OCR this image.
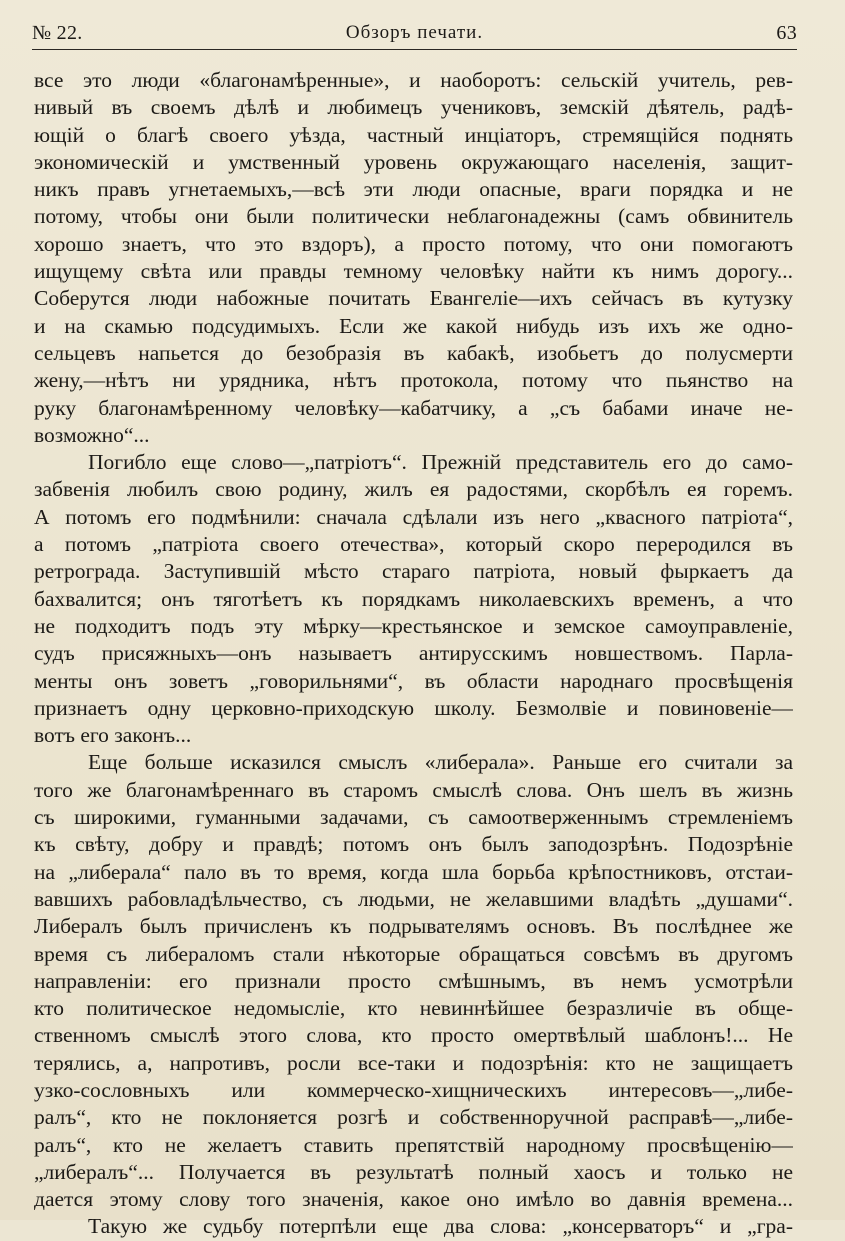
№ 22.	Обзоръ печати.	63
все это люди «благонамѣренные», и наоборотъ: сельскій учитель, рев-
нивый въ своемъ дѣлѣ и любимецъ учениковъ, земскій дѣятель, радѣ-
ющій о благѣ своего уѣзда, частный инціаторъ, стремящійся поднять
экономическій и умственный уровень окружающаго населенія, защит-
никъ правъ угнетаемыхъ,—всѣ эти люди опасные, враги порядка и не
потому, чтобы они были политически неблагонадежны (самъ обвинитель
хорошо знаетъ, что это вздоръ), а просто потому, что они помогаютъ
ищущему свѣта или правды темному человѣку найти къ нимъ дорогу...
Соберутся люди набожные почитать Евангеліе—ихъ сейчасъ въ кутузку
и на скамью подсудимыхъ. Если же какой нибудь изъ ихъ же одно-
сельцевъ напьется до безобразія въ кабакѣ, изобьетъ до полусмерти
жену,—нѣтъ ни урядника, нѣтъ протокола, потому что пьянство на
руку благонамѣренному человѣку—кабатчику, а „съ бабами иначе не-
возможно“...
Погибло еще слово—„патріотъ“. Прежній представитель его до само-
забвенія любилъ свою родину, жилъ ея радостями, скорбѣлъ ея горемъ.
А потомъ его подмѣнили: сначала сдѣлали изъ него „квасного патріота“,
а потомъ „патріота своего отечества», который скоро переродился въ
ретрограда. Заступившій мѣсто стараго патріота, новый фыркаетъ да
бахвалится; онъ тяготѣетъ къ порядкамъ николаевскихъ временъ, а что
не подходитъ подъ эту мѣрку—крестьянское и земское самоуправленіе,
судъ присяжныхъ—онъ называетъ антирусскимъ новшествомъ. Парла-
менты онъ зоветъ „говорильнями“, въ области народнаго просвѣщенія
признаетъ одну церковно-приходскую школу. Безмолвіе и повиновеніе—
вотъ его законъ...
Еще больше исказился смыслъ «либерала». Раньше его считали за
того же благонамѣреннаго въ старомъ смыслѣ слова. Онъ шелъ въ жизнь
съ широкими, гуманными задачами, съ самоотверженнымъ стремленіемъ
къ свѣту, добру и правдѣ; потомъ онъ былъ заподозрѣнъ. Подозрѣніе
на „либерала“ пало въ то время, когда шла борьба крѣпостниковъ, отстаи-
вавшихъ рабовладѣльчество, съ людьми, не желавшими владѣть „душами“.
Либералъ былъ причисленъ къ подрывателямъ основъ. Въ послѣднее же
время съ либераломъ стали нѣкоторые обращаться совсѣмъ въ другомъ
направленіи: его признали просто смѣшнымъ, въ немъ усмотрѣли
кто политическое недомысліе, кто невиннѣйшее безразличіе въ обще-
ственномъ смыслѣ этого слова, кто просто омертвѣлый шаблонъ!... Не
терялись, а, напротивъ, росли все-таки и подозрѣнія: кто не защищаетъ
узко-сословныхъ или коммерческо-хищническихъ интересовъ—„либе-
ралъ“, кто не поклоняется розгѣ и собственноручной расправѣ—„либе-
ралъ“, кто не желаетъ ставить препятствій народному просвѣщенію—
„либералъ“... Получается въ результатѣ полный хаосъ и только не
дается этому слову того значенія, какое оно имѣло во давнія времена...
Такую же судьбу потерпѣли еще два слова: „консерваторъ“ и „гра-
